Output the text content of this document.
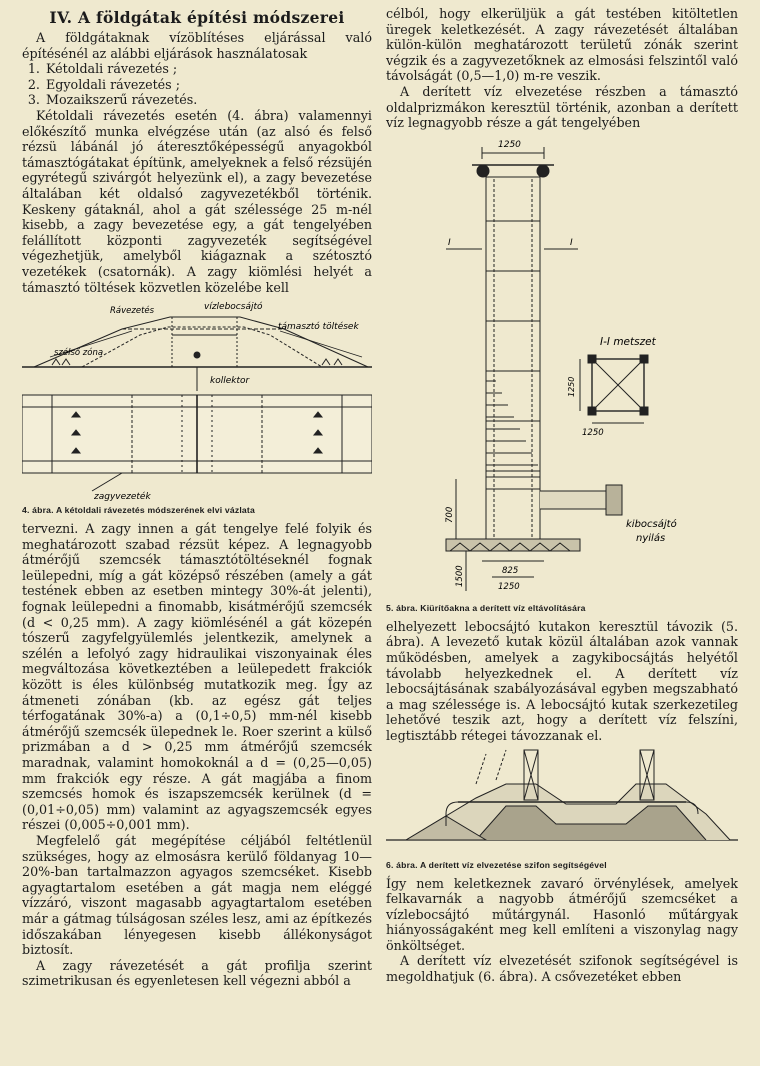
IV. A földgátak építési módszerei

A földgátaknak vízöblítéses eljárással való építésénél az alábbi eljárások használatosak

1. Kétoldali rávezetés ;
2. Egyoldali rávezetés ;
3. Mozaikszerű rávezetés.

Kétoldali rávezetés esetén (4. ábra) valamennyi előkészítő munka elvégzése után (az alsó és felső rézsü lábánál jó áteresztőképességű anyagokból támasztógátakat építünk, amelyeknek a felső rézsüjén egyrétegű szivárgót helyezünk el), a zagy bevezetése általában két oldalsó zagyvezetékből történik. Keskeny gátaknál, ahol a gát szélessége 25 m-nél kisebb, a zagy bevezetése egy, a gát tengelyében felállított központi zagyvezeték segítségével végezhetjük, amelyből kiágaznak a szétosztó vezetékek (csatornák). A zagy kiömlési helyét a támasztó töltések közvetlen közelébe kell

Rávezetés	vízlebocsájtó
támasztó töltések
szélső zóna
kollektor
zagyvezeték
4. ábra. A kétoldali rávezetés módszerének elvi vázlata

tervezni. A zagy innen a gát tengelye felé folyik és meghatározott szabad rézsüt képez. A legnagyobb átmérőjű szemcsék támasztótöltéseknél fognak leülepedni, míg a gát középső részében (amely a gát testének ebben az esetben mintegy 30%-át jelenti), fognak leülepedni a finomabb, kisátmérőjű szemcsék (d < 0,25 mm). A zagy kiömlésénél a gát közepén tószerű zagyfelgyülemlés jelentkezik, amelynek a szélén a lefolyó zagy hidraulikai viszonyainak éles megváltozása következtében a leülepedett frakciók között is éles különbség mutatkozik meg. Így az átmeneti zónában (kb. az egész gát teljes térfogatának 30%-a) a (0,1÷0,5) mm-nél kisebb átmérőjű szemcsék ülepednek le. Roer szerint a külső prizmában a d > 0,25 mm átmérőjű szemcsék maradnak, valamint homokoknál a d = (0,25—0,05) mm frakciók egy része. A gát magjába a finom szemcsés homok és iszapszemcsék kerülnek (d = (0,01÷0,05) mm) valamint az agyagszemcsék egyes részei (0,005÷0,001 mm).

Megfelelő gát megépítése céljából feltétlenül szükséges, hogy az elmosásra kerülő földanyag 10—20%-ban tartalmazzon agyagos szemcséket. Kisebb agyagtartalom esetében a gát magja nem eléggé vízzáró, viszont magasabb agyagtartalom esetében már a gátmag túlságosan széles lesz, ami az építkezés időszakában lényegesen kisebb állékonyságot biztosít.

A zagy rávezetését a gát profilja szerint szimetrikusan és egyenletesen kell végezni abból a

célból, hogy elkerüljük a gát testében kitöltetlen üregek keletkezését. A zagy rávezetését általában külön-külön meghatározott területű zónák szerint végzik és a zagyvezetőknek az elmosási felszintől való távolságát (0,5—1,0) m-re veszik.

A derített víz elvezetése részben a támasztó oldalprizmákon keresztül történik, azonban a derített víz legnagyobb része a gát tengelyében

1250
I	I
I-I metszet
1250
1250
kibocsájtó
nyilás
700
1500	825
1250
5. ábra. Kiürítőakna a derített víz eltávolítására

elhelyezett lebocsájtó kutakon keresztül távozik (5. ábra). A levezető kutak közül általában azok vannak működésben, amelyek a zagykibocsájtás helyétől távolabb helyezkednek el. A derített víz lebocsájtásának szabályozásával egyben megszabható a mag szélessége is. A lebocsájtó kutak szerkezetileg lehetővé teszik azt, hogy a derített víz felszíni, legtisztább rétegei távozzanak el.

6. ábra. A derített víz elvezetése szifon segítségével

Így nem keletkeznek zavaró örvénylések, amelyek felkavarnák a nagyobb átmérőjű szemcséket a vízlebocsájtó műtárgynál. Hasonló műtárgyak hiányosságaként meg kell említeni a viszonylag nagy önköltséget.

A derített víz elvezetését szifonok segítségével is megoldhatjuk (6. ábra). A csővezetéket ebben
